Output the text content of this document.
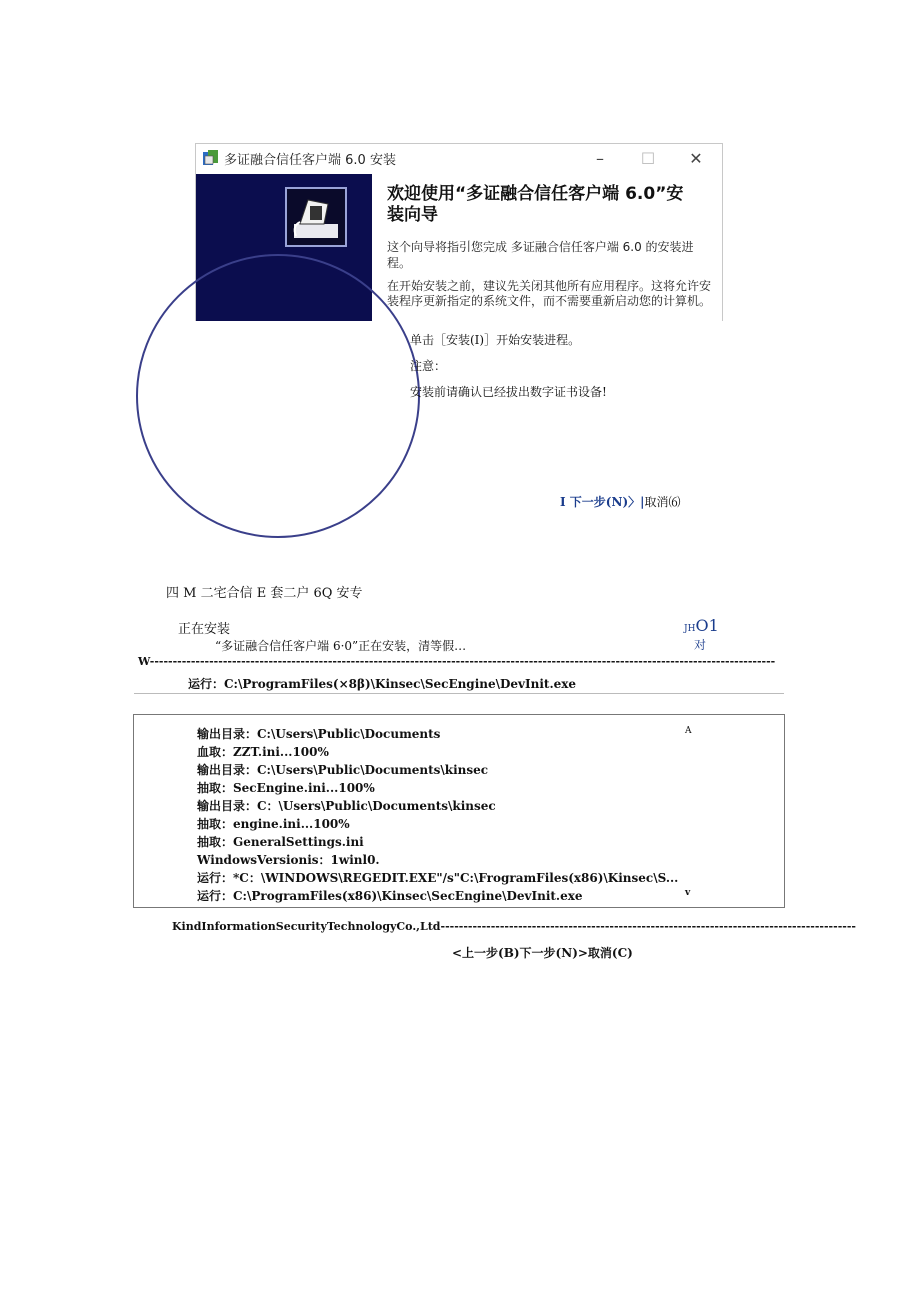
多证融合信任客户端 6.0 安装	–	☐	✕
欢迎使用“多证融合信任客户端 6.0”安装向导
这个向导将指引您完成 多证融合信任客户端 6.0 的安装进程。
在开始安装之前，建议先关闭其他所有应用程序。这将允许安装程序更新指定的系统文件，而不需要重新启动您的计算机。
单击［安装(I)］开始安装进程。
注意：
安装前请确认已经拔出数字证书设备!
I 下一步(N)〉|取消⑹
四 M 二宅合信 E 套二户 6Q 安专
正在安装
“多证融合信任客户端 6·0”正在安装，清等假…
JHO1
对
W-----------------------------------------------------------------------------------------------------------------------------------------
运行：C:\ProgramFiles(×8β)\Kinsec\SecEngine\DevInit.exe
输出目录：C:\Users\Public\Documents
血取：ZZT.ini...100%
输出目录：C:\Users\Public\Documents\kinsec
抽取：SecEngine.ini...100%
输出目录：C：\Users\Public\Documents\kinsec
抽取：engine.ini...100%
抽取：GeneralSettings.ini
WindowsVersionis：1winl0.
运行：*C：\WINDOWS\REGEDIT.EXE"/s"C:\FrogramFiles(x86)\Kinsec\S...
运行：C:\ProgramFiles(x86)\Kinsec\SecEngine\DevInit.exe
A
v
KindInformationSecurityTechnologyCo.,Ltd-------------------------------------------------------------------------------------------
<上一步(B)下一步(N)>取消(C)
